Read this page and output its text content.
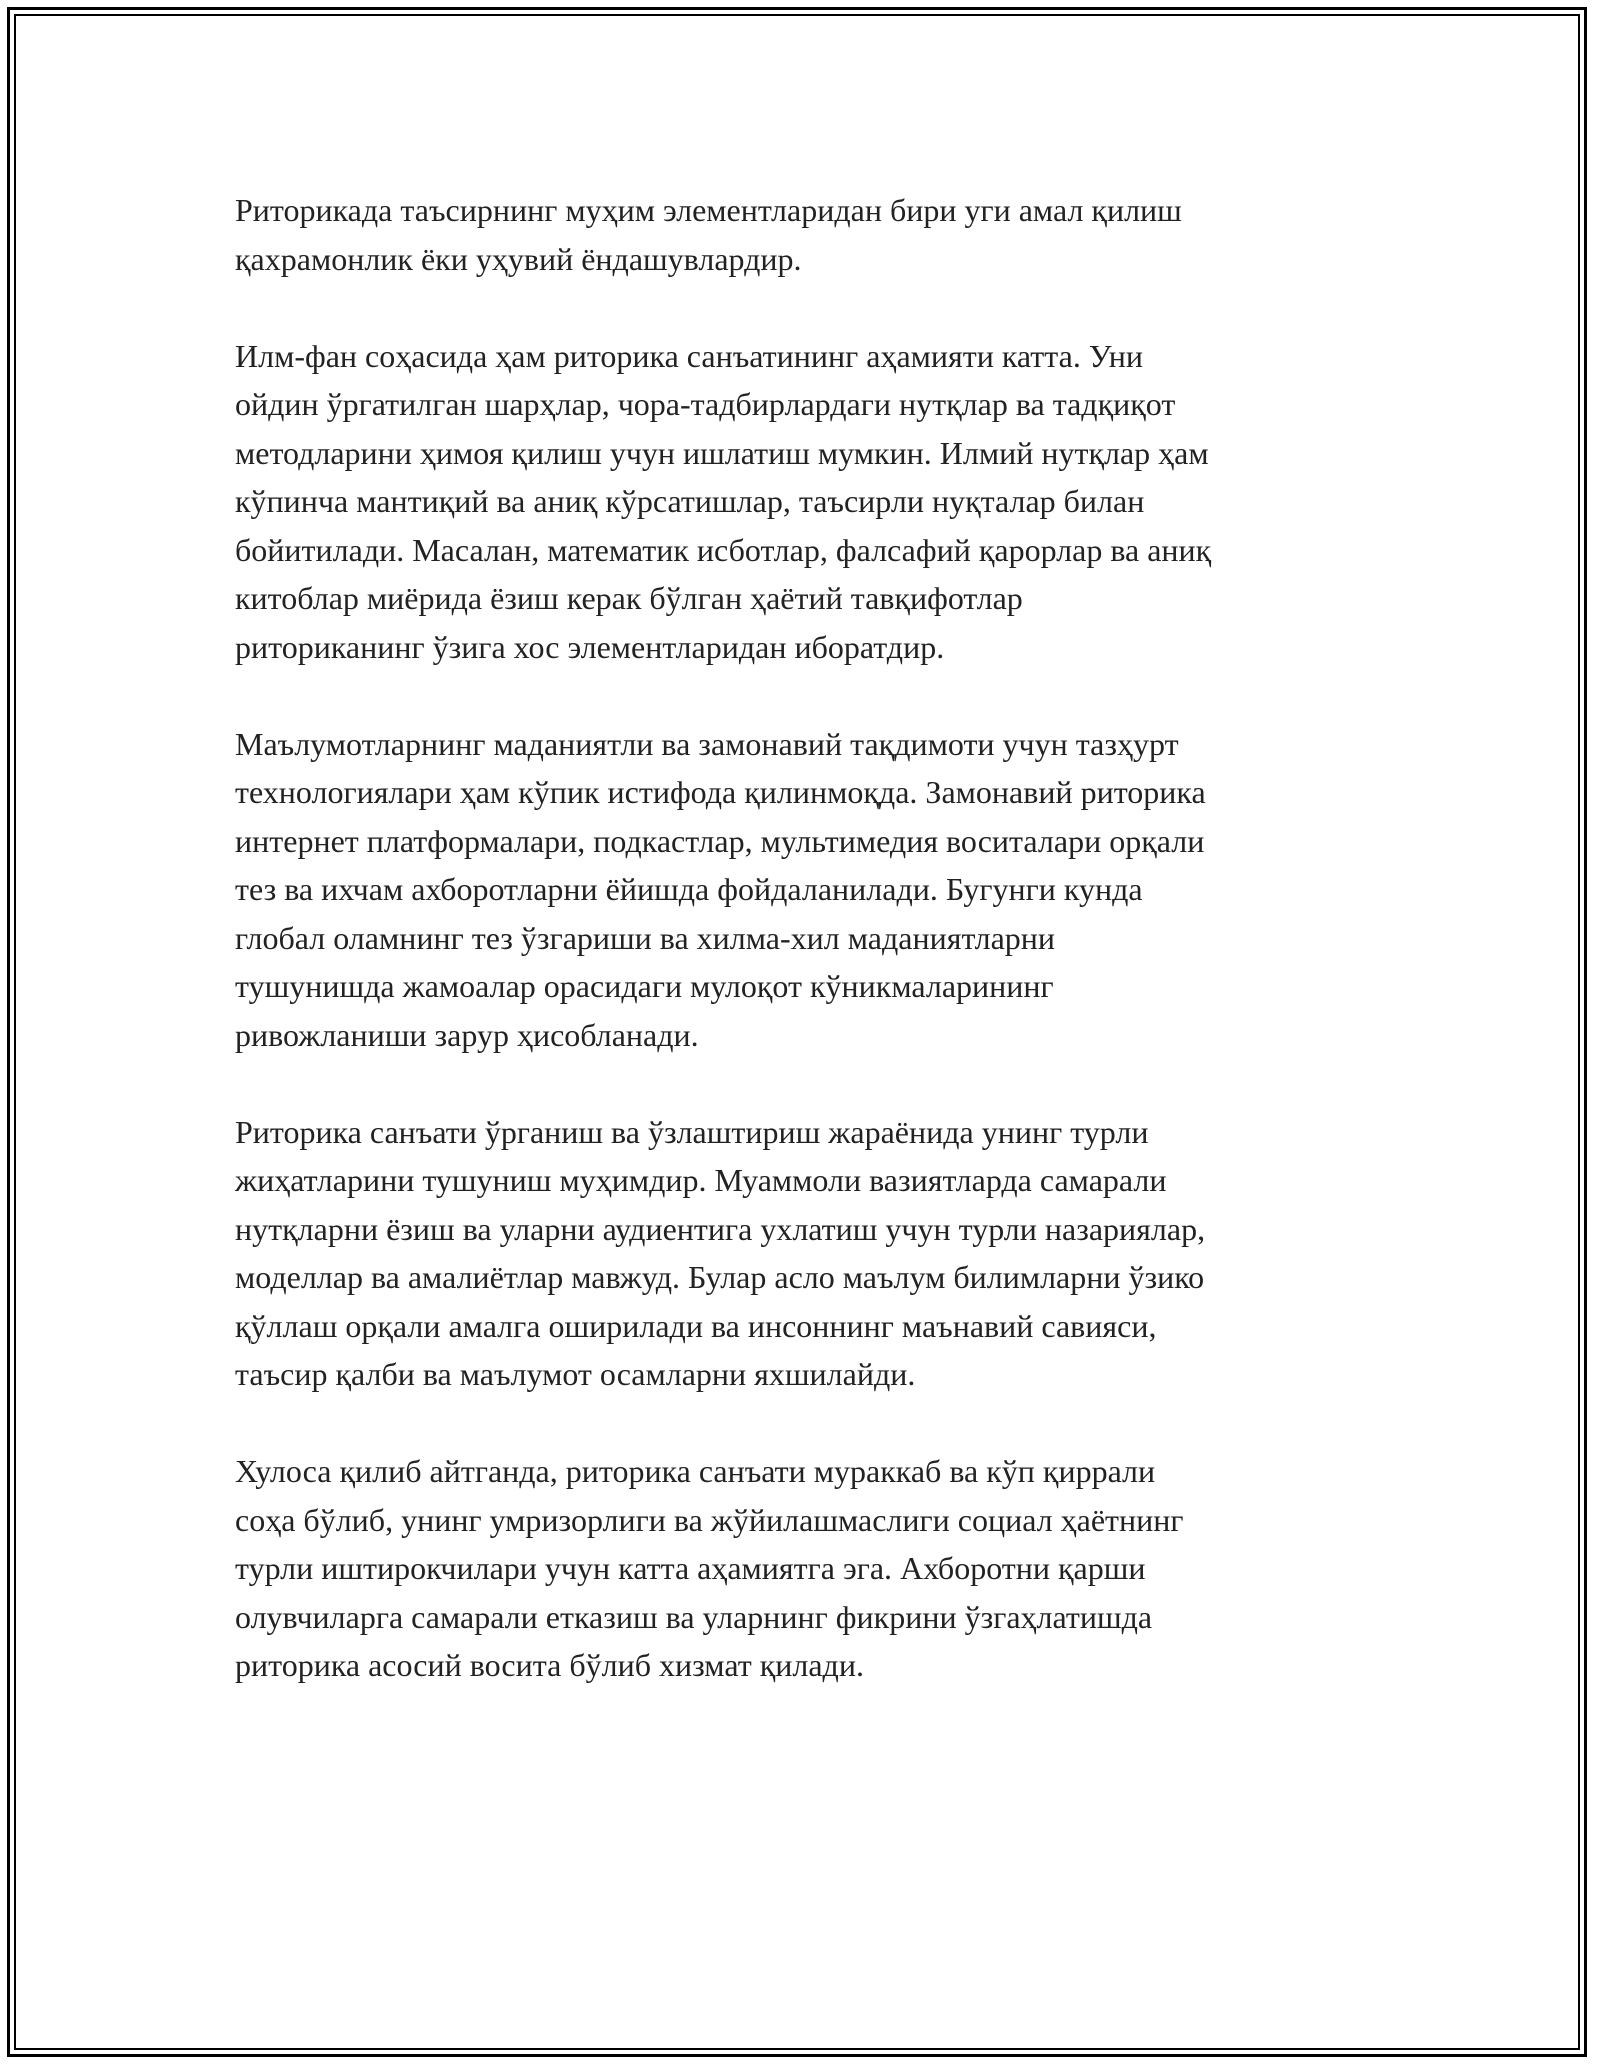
Риторикада таъсирнинг муҳим элементларидан бири уги амал қилиш
қахрамонлик ёки уҳувий ёндашувлардир.

Илм-фан соҳасида ҳам риторика санъатининг аҳамияти катта. Уни
ойдин ўргатилган шарҳлар, чора-тадбирлардаги нутқлар ва тадқиқот
методларини ҳимоя қилиш учун ишлатиш мумкин. Илмий нутқлар ҳам
кўпинча мантиқий ва аниқ кўрсатишлар, таъсирли нуқталар билан
бойитилади. Масалан, математик исботлар, фалсафий қарорлар ва аниқ
китоблар миёрида ёзиш керак бўлган ҳаётий тавқифотлар
риториканинг ўзига хос элементларидан иборатдир.

Маълумотларнинг маданиятли ва замонавий тақдимоти учун тазҳурт
технологиялари ҳам кўпик истифода қилинмоқда. Замонавий риторика
интернет платформалари, подкастлар, мультимедия воситалари орқали
тез ва ихчам ахборотларни ёйишда фойдаланилади. Бугунги кунда
глобал оламнинг тез ўзгариши ва хилма-хил маданиятларни
тушунишда жамоалар орасидаги мулоқот кўникмаларининг
ривожланиши зарур ҳисобланади.

Риторика санъати ўрганиш ва ўзлаштириш жараёнида унинг турли
жиҳатларини тушуниш муҳимдир. Муаммоли вазиятларда самарали
нутқларни ёзиш ва уларни аудиентига ухлатиш учун турли назариялар,
моделлар ва амалиётлар мавжуд. Булар асло маълум билимларни ўзико
қўллаш орқали амалга оширилади ва инсоннинг маънавий савияси,
таъсир қалби ва маълумот осамларни яхшилайди.

Хулоса қилиб айтганда, риторика санъати мураккаб ва кўп қиррали
соҳа бўлиб, унинг умризорлиги ва жўйилашмаслиги социал ҳаётнинг
турли иштирокчилари учун катта аҳамиятга эга. Ахборотни қарши
олувчиларга самарали етказиш ва уларнинг фикрини ўзгаҳлатишда
риторика асосий восита бўлиб хизмат қилади.
